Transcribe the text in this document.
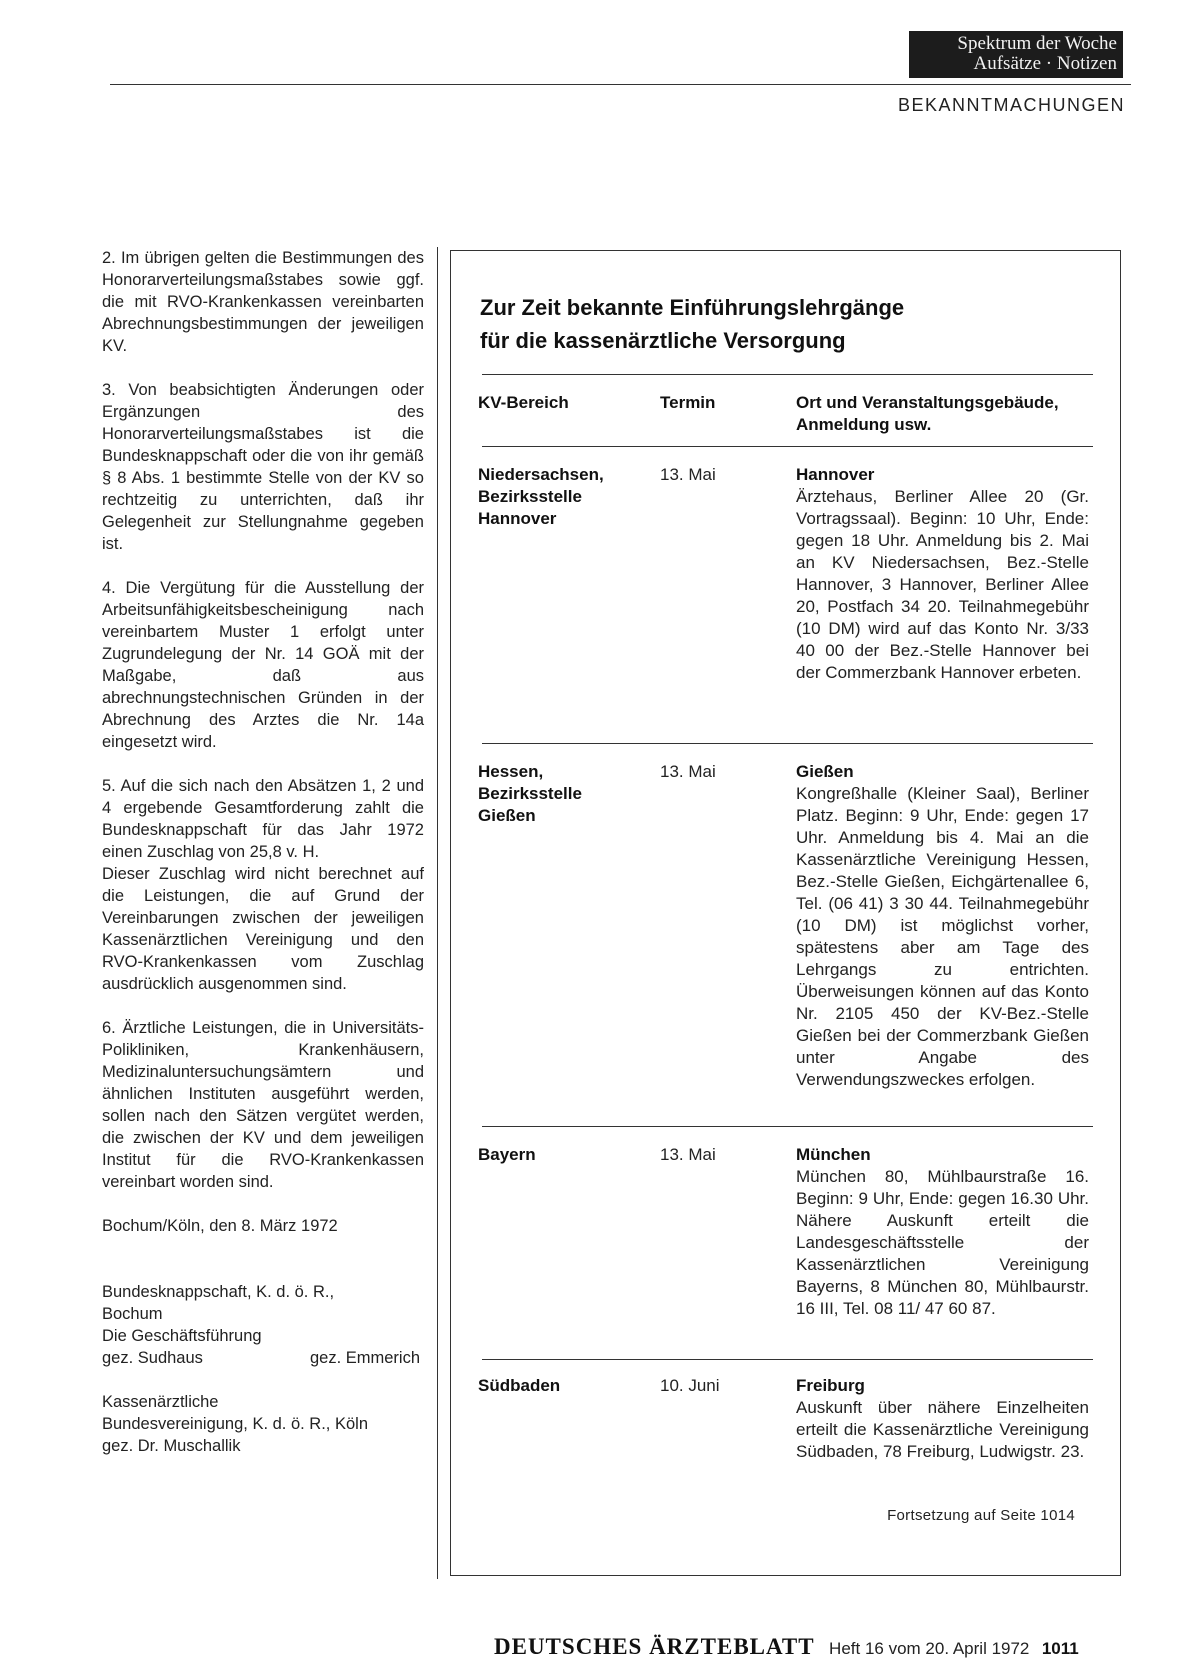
Spektrum der Woche
Aufsätze · Notizen
BEKANNTMACHUNGEN

2. Im übrigen gelten die Bestimmungen des Honorarverteilungsmaßstabes sowie ggf. die mit RVO-Krankenkassen vereinbarten Abrechnungsbestimmungen der jeweiligen KV.

3. Von beabsichtigten Änderungen oder Ergänzungen des Honorarverteilungsmaßstabes ist die Bundesknappschaft oder die von ihr gemäß § 8 Abs. 1 bestimmte Stelle von der KV so rechtzeitig zu unterrichten, daß ihr Gelegenheit zur Stellungnahme gegeben ist.

4. Die Vergütung für die Ausstellung der Arbeitsunfähigkeitsbescheinigung nach vereinbartem Muster 1 erfolgt unter Zugrundelegung der Nr. 14 GOÄ mit der Maßgabe, daß aus abrechnungstechnischen Gründen in der Abrechnung des Arztes die Nr. 14a eingesetzt wird.

5. Auf die sich nach den Absätzen 1, 2 und 4 ergebende Gesamtforderung zahlt die Bundesknappschaft für das Jahr 1972 einen Zuschlag von 25,8 v. H.

Dieser Zuschlag wird nicht berechnet auf die Leistungen, die auf Grund der Vereinbarungen zwischen der jeweiligen Kassenärztlichen Vereinigung und den RVO-Krankenkassen vom Zuschlag ausdrücklich ausgenommen sind.

6. Ärztliche Leistungen, die in Universitäts-Polikliniken, Krankenhäusern, Medizinaluntersuchungsämtern und ähnlichen Instituten ausgeführt werden, sollen nach den Sätzen vergütet werden, die zwischen der KV und dem jeweiligen Institut für die RVO-Krankenkassen vereinbart worden sind.

Bochum/Köln, den 8. März 1972

Bundesknappschaft, K. d. ö. R.,
Bochum
Die Geschäftsführung
gez. Sudhaus	gez. Emmerich
Kassenärztliche
Bundesvereinigung, K. d. ö. R., Köln
gez. Dr. Muschallik
Zur Zeit bekannte Einführungslehrgänge
für die kassenärztliche Versorgung
KV-Bereich	Termin	Ort und Veranstaltungsgebäude,
Anmeldung usw.
Niedersachsen,
Bezirksstelle
Hannover
13. Mai	Hannover
Ärztehaus, Berliner Allee 20 (Gr. Vortragssaal). Beginn: 10 Uhr, Ende: gegen 18 Uhr. Anmeldung bis 2. Mai an KV Niedersachsen, Bez.-Stelle Hannover, 3 Hannover, Berliner Allee 20, Postfach 34 20. Teilnahmegebühr (10 DM) wird auf das Konto Nr. 3/33 40 00 der Bez.-Stelle Hannover bei der Commerzbank Hannover erbeten.
Hessen,
Bezirksstelle
Gießen
13. Mai	Gießen
Kongreßhalle (Kleiner Saal), Berliner Platz. Beginn: 9 Uhr, Ende: gegen 17 Uhr. Anmeldung bis 4. Mai an die Kassenärztliche Vereinigung Hessen, Bez.-Stelle Gießen, Eichgärtenallee 6, Tel. (06 41) 3 30 44. Teilnahmegebühr (10 DM) ist möglichst vorher, spätestens aber am Tage des Lehrgangs zu entrichten. Überweisungen können auf das Konto Nr. 2105 450 der KV-Bez.-Stelle Gießen bei der Commerzbank Gießen unter Angabe des Verwendungszweckes erfolgen.
Bayern	13. Mai	München
München 80, Mühlbaurstraße 16. Beginn: 9 Uhr, Ende: gegen 16.30 Uhr. Nähere Auskunft erteilt die Landesgeschäftsstelle der Kassenärztlichen Vereinigung Bayerns, 8 München 80, Mühlbaurstr. 16 III, Tel. 08 11/ 47 60 87.
Südbaden	10. Juni	Freiburg
Auskunft über nähere Einzelheiten erteilt die Kassenärztliche Vereinigung Südbaden, 78 Freiburg, Ludwigstr. 23.
Fortsetzung auf Seite 1014
DEUTSCHES ÄRZTEBLATT Heft 16 vom 20. April 1972 1011
